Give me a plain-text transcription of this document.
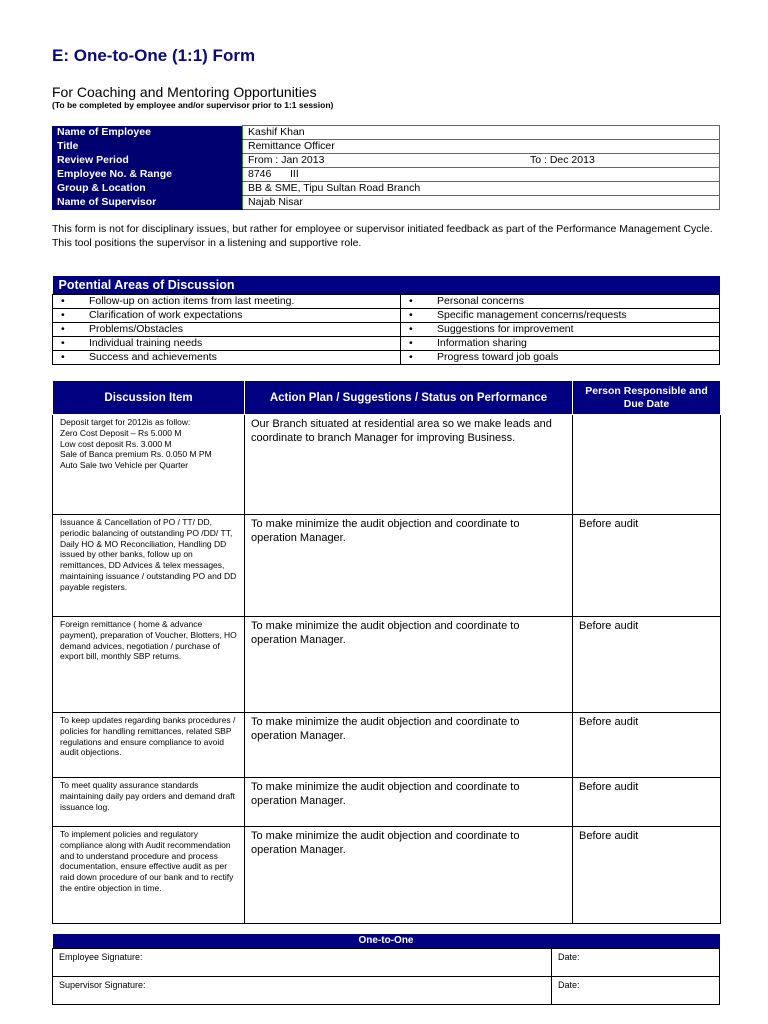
E: One-to-One (1:1) Form
For Coaching and Mentoring Opportunities
(To be completed by employee and/or supervisor prior to 1:1 session)
Name of Employee	Kashif Khan
Title	Remittance Officer
Review Period	From : Jan 2013 To : Dec 2013

Employee No. & Range	8746 III
Group & Location	BB & SME, Tipu Sultan Road Branch
Name of Supervisor	Najab Nisar
This form is not for disciplinary issues, but rather for employee or supervisor initiated feedback as part of the Performance Management Cycle. This tool positions the supervisor in a listening and supportive role.
Potential Areas of Discussion	
• Follow-up on action items from last meeting.	• Personal concerns
• Clarification of work expectations	• Specific management concerns/requests
• Problems/Obstacles	• Suggestions for improvement
• Individual training needs	• Information sharing
• Success and achievements	• Progress toward job goals
Discussion Item	Action Plan / Suggestions / Status on Performance	Person Responsible and Due Date

Deposit target for 2012is as follow:
Zero Cost Deposit – Rs 5.000 M
Low cost deposit Rs. 3.000 M
Sale of Banca premium Rs. 0.050 M PM
Auto Sale two Vehicle per Quarter	Our Branch situated at residential area so we make leads and coordinate to branch Manager for improving Business.	
Issuance & Cancellation of PO / TT/ DD, periodic balancing of outstanding PO /DD/ TT, Daily HO & MO Reconciliation, Handling DD issued by other banks, follow up on remittances, DD Advices & telex messages, maintaining issuance / outstanding PO and DD payable registers.	To make minimize the audit objection and coordinate to operation Manager.	Before audit
Foreign remittance ( home & advance payment), preparation of Voucher, Blotters, HO demand advices, negotiation / purchase of export bill, monthly SBP returns.	To make minimize the audit objection and coordinate to operation Manager.	Before audit
To keep updates regarding banks procedures / policies for handling remittances, related SBP regulations and ensure compliance to avoid audit objections.	To make minimize the audit objection and coordinate to operation Manager.	Before audit
To meet quality assurance standards maintaining daily pay orders and demand draft issuance log.	To make minimize the audit objection and coordinate to operation Manager.	Before audit
To implement policies and regulatory compliance along with Audit recommendation and to understand procedure and process documentation, ensure effective audit as per raid down procedure of our bank and to rectify the entire objection in time.	To make minimize the audit objection and coordinate to operation Manager.	Before audit
One-to-One	
Employee Signature:	Date:
Supervisor Signature:	Date:
